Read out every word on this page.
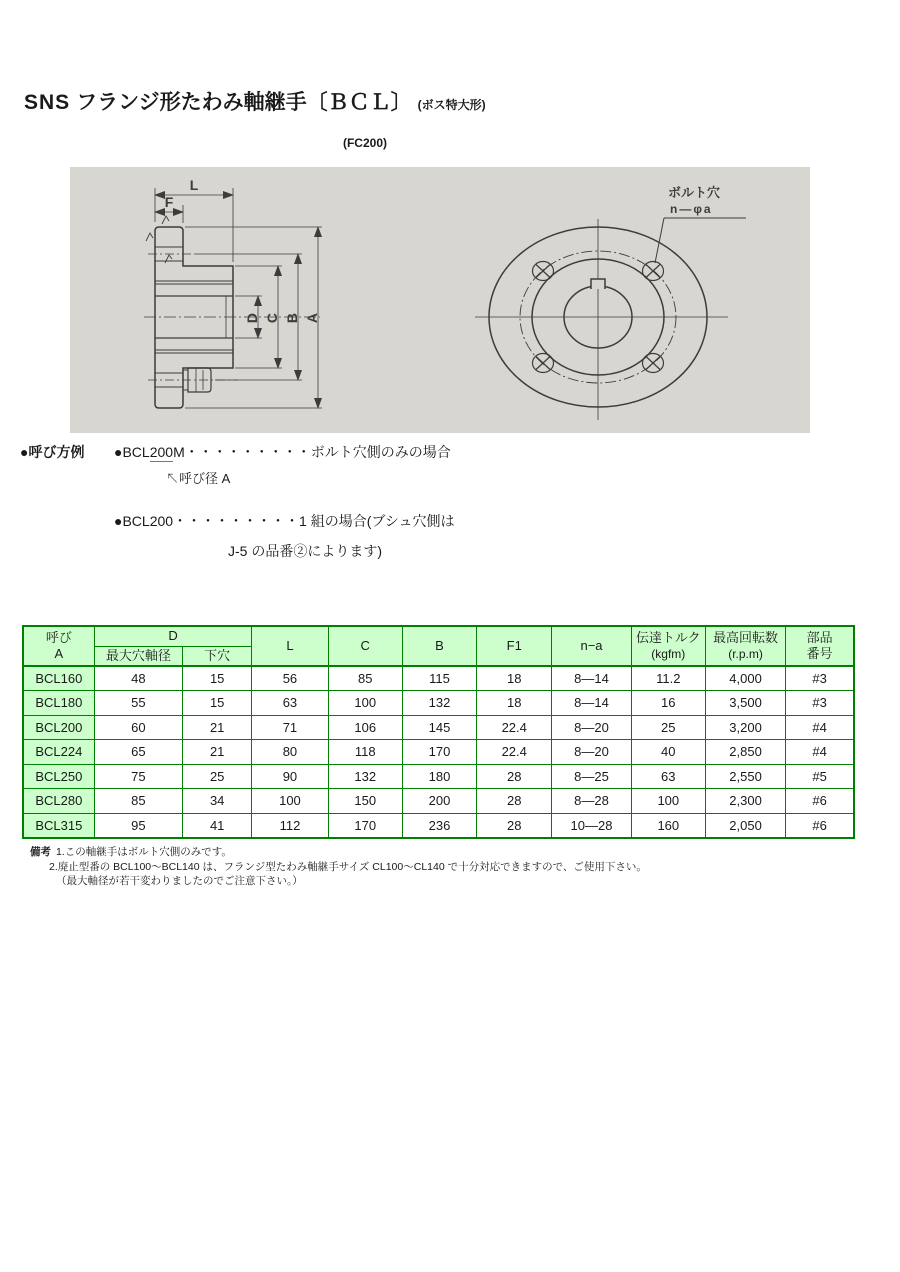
SNS フランジ形たわみ軸継手〔ＢＣＬ〕 (ボス特大形)
(FC200)
L
F
D C B A
ボルト穴
n—φa
●呼び方例 ●BCL200M・・・・・・・・・ボルト穴側のみの場合
↖呼び径 A
●BCL200・・・・・・・・・1 組の場合(ブシュ穴側は
J-5 の品番②によります)
呼び
A
	D	L	C	B	F1	n−a	伝達トルク
(kgfm)

最高回転数
(r.p.m)

部品
番号

	最大穴軸径	下穴								
BCL160	48	15	56	85	115	18	8—14	11.2	4,000	#3
BCL180	55	15	63	100	132	18	8—14	16	3,500	#3
BCL200	60	21	71	106	145	22.4	8—20	25	3,200	#4
BCL224	65	21	80	118	170	22.4	8—20	40	2,850	#4
BCL250	75	25	90	132	180	28	8—25	63	2,550	#5
BCL280	85	34	100	150	200	28	8—28	100	2,300	#6
BCL315	95	41	112	170	236	28	10—28	160	2,050	#6
備考 1.この軸継手はボルト穴側のみです。
2.廃止型番の BCL100〜BCL140 は、フランジ型たわみ軸継手サイズ CL100〜CL140 で十分対応できますので、ご使用下さい。
（最大軸径が若干変わりましたのでご注意下さい。）
